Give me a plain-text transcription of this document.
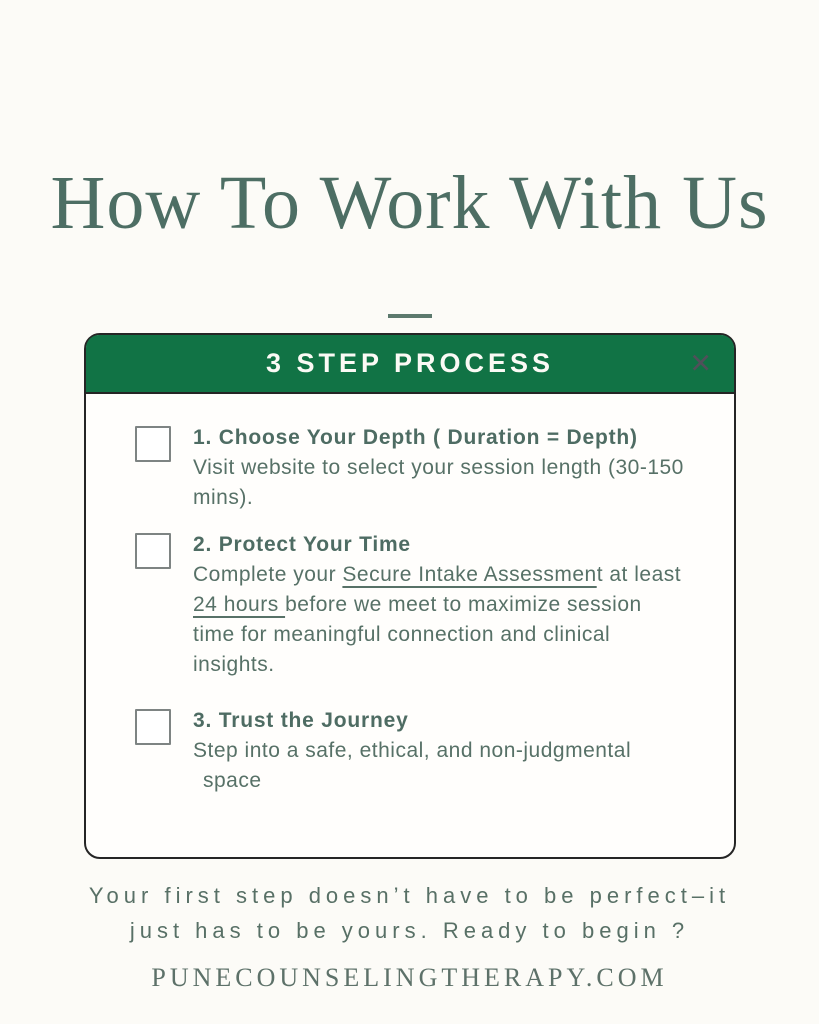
How To Work With Us
3 STEP PROCESS	✕
1. Choose Your Depth ( Duration = Depth)
Visit website to select your session length (30-150
mins).
2. Protect Your Time
Complete your Secure Intake Assessment at least
24 hours before we meet to maximize session
time for meaningful connection and clinical
insights.
3. Trust the Journey
Step into a safe, ethical, and non-judgmental
space
Your first step doesn’t have to be perfect–it
just has to be yours. Ready to begin ?
PUNECOUNSELINGTHERAPY.COM
